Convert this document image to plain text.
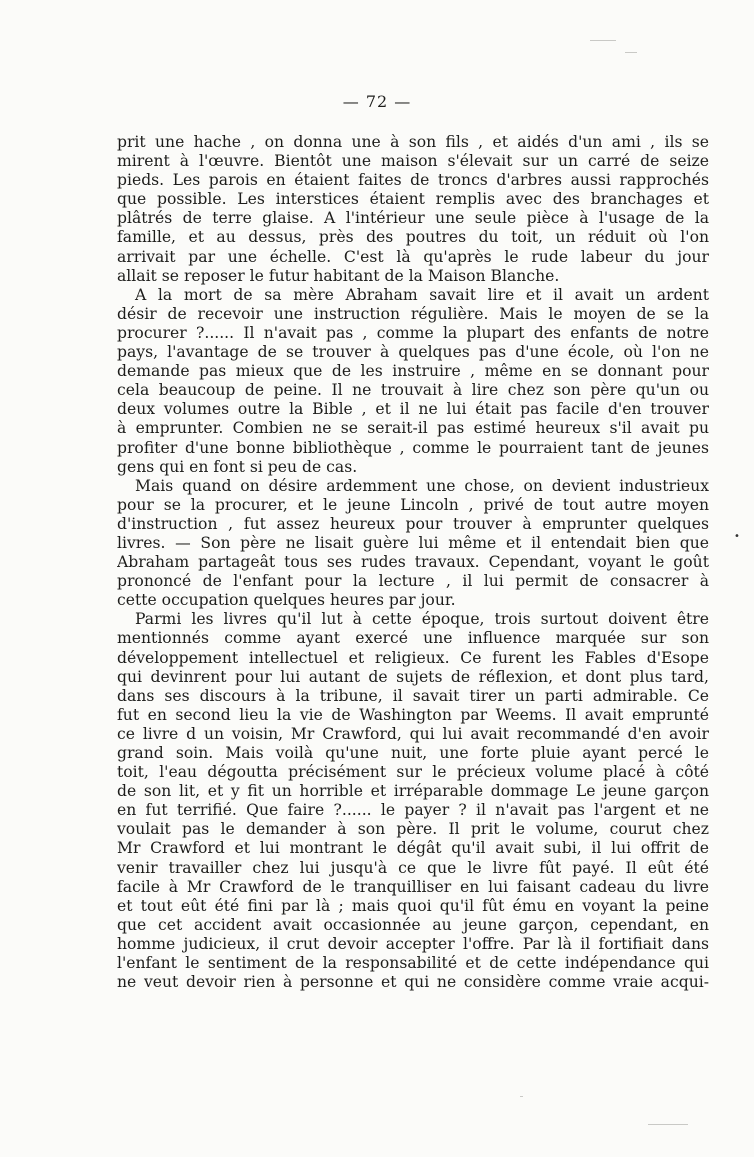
— 72 —
prit une hache , on donna une à son fils , et aidés d'un ami , ils se
mirent à l'œuvre. Bientôt une maison s'élevait sur un carré de seize
pieds. Les parois en étaient faites de troncs d'arbres aussi rapprochés
que possible. Les interstices étaient remplis avec des branchages et
plâtrés de terre glaise. A l'intérieur une seule pièce à l'usage de la
famille, et au dessus, près des poutres du toit, un réduit où l'on
arrivait par une échelle. C'est là qu'après le rude labeur du jour
allait se reposer le futur habitant de la Maison Blanche.
A la mort de sa mère Abraham savait lire et il avait un ardent
désir de recevoir une instruction régulière. Mais le moyen de se la
procurer ?...... Il n'avait pas , comme la plupart des enfants de notre
pays, l'avantage de se trouver à quelques pas d'une école, où l'on ne
demande pas mieux que de les instruire , même en se donnant pour
cela beaucoup de peine. Il ne trouvait à lire chez son père qu'un ou
deux volumes outre la Bible , et il ne lui était pas facile d'en trouver
à emprunter. Combien ne se serait-il pas estimé heureux s'il avait pu
profiter d'une bonne bibliothèque , comme le pourraient tant de jeunes
gens qui en font si peu de cas.
Mais quand on désire ardemment une chose, on devient industrieux
pour se la procurer, et le jeune Lincoln , privé de tout autre moyen
d'instruction , fut assez heureux pour trouver à emprunter quelques
livres. — Son père ne lisait guère lui même et il entendait bien que
Abraham partageât tous ses rudes travaux. Cependant, voyant le goût
prononcé de l'enfant pour la lecture , il lui permit de consacrer à
cette occupation quelques heures par jour.
Parmi les livres qu'il lut à cette époque, trois surtout doivent être
mentionnés comme ayant exercé une influence marquée sur son
développement intellectuel et religieux. Ce furent les Fables d'Esope
qui devinrent pour lui autant de sujets de réflexion, et dont plus tard,
dans ses discours à la tribune, il savait tirer un parti admirable. Ce
fut en second lieu la vie de Washington par Weems. Il avait emprunté
ce livre d un voisin, Mr Crawford, qui lui avait recommandé d'en avoir
grand soin. Mais voilà qu'une nuit, une forte pluie ayant percé le
toit, l'eau dégoutta précisément sur le précieux volume placé à côté
de son lit, et y fit un horrible et irréparable dommage Le jeune garçon
en fut terrifié. Que faire ?...... le payer ? il n'avait pas l'argent et ne
voulait pas le demander à son père. Il prit le volume, courut chez
Mr Crawford et lui montrant le dégât qu'il avait subi, il lui offrit de
venir travailler chez lui jusqu'à ce que le livre fût payé. Il eût été
facile à Mr Crawford de le tranquilliser en lui faisant cadeau du livre
et tout eût été fini par là ; mais quoi qu'il fût ému en voyant la peine
que cet accident avait occasionnée au jeune garçon, cependant, en
homme judicieux, il crut devoir accepter l'offre. Par là il fortifiait dans
l'enfant le sentiment de la responsabilité et de cette indépendance qui
ne veut devoir rien à personne et qui ne considère comme vraie acqui-
•
